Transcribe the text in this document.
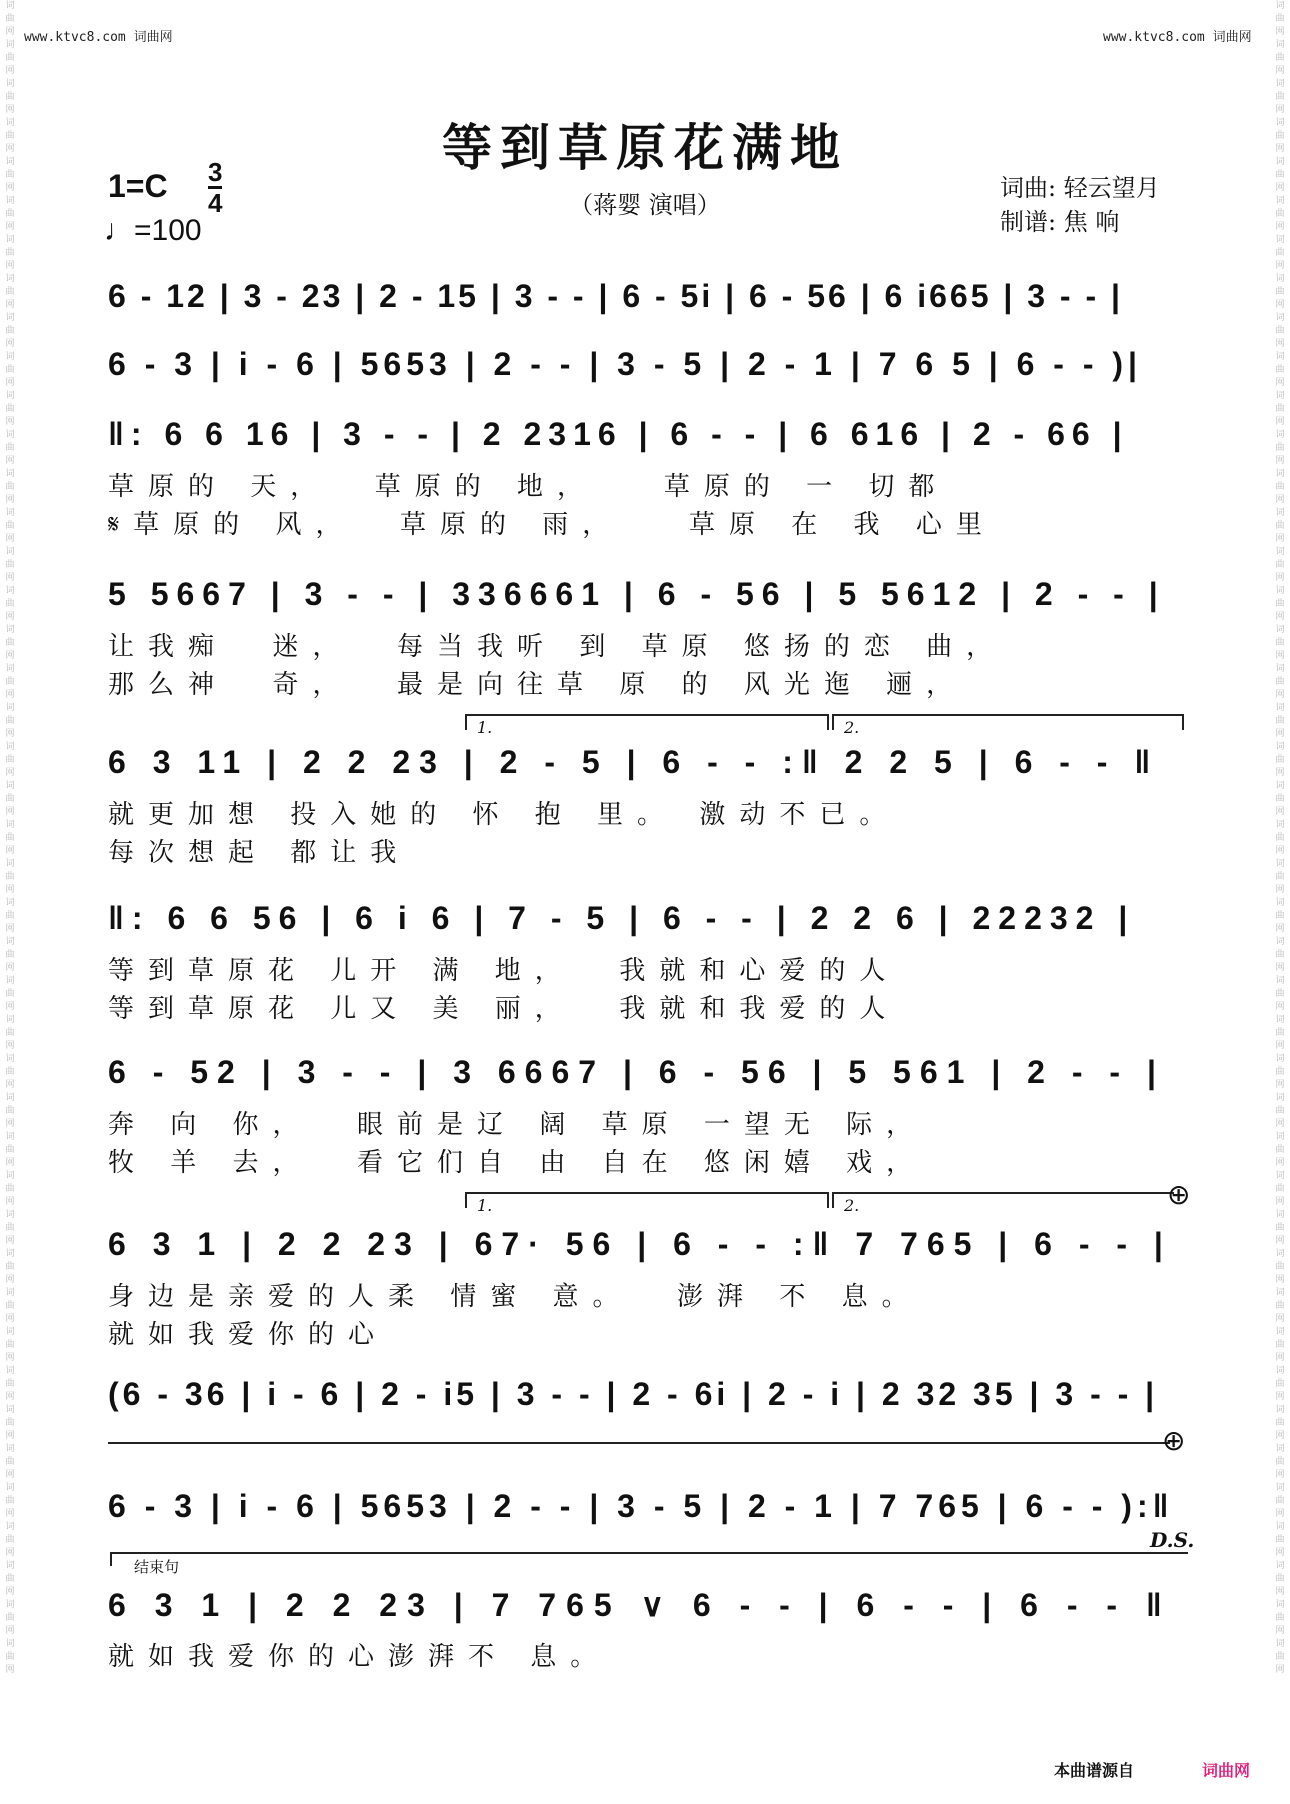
词曲网词曲网词曲网词曲网词曲网词曲网词曲网词曲网词曲网词曲网词曲网词曲网词曲网词曲网词曲网词曲网词曲网词曲网词曲网词曲网词曲网词曲网词曲网词曲网词曲网词曲网词曲网词曲网词曲网词曲网词曲网词曲网词曲网词曲网词曲网词曲网词曲网词曲网词曲网词曲网词曲网词曲网词曲网
词曲网词曲网词曲网词曲网词曲网词曲网词曲网词曲网词曲网词曲网词曲网词曲网词曲网词曲网词曲网词曲网词曲网词曲网词曲网词曲网词曲网词曲网词曲网词曲网词曲网词曲网词曲网词曲网词曲网词曲网词曲网词曲网词曲网词曲网词曲网词曲网词曲网词曲网词曲网词曲网词曲网词曲网词曲网
www.ktvc8.com 词曲网	www.ktvc8.com 词曲网
等到草原花满地
（蒋婴 演唱）
词曲: 轻云望月
制谱: 焦 响
1=C 3
4
♩=100
6 - 12 | 3 - 23 | 2 - 15 | 3 - - | 6 - 5i | 6 - 56 | 6 i665 | 3 - - |
6 - 3 | i - 6 | 5653 | 2 - - | 3 - 5 | 2 - 1 | 7 6 5 | 6 - - )|
‖: 6 6 16 | 3 - - | 2 2316 | 6 - - | 6 616 | 2 - 66 |
草原的 天，  草原的 地，   草原的 一 切都
𝄋草原的 风，  草原的 雨，   草原 在 我 心里
5 5667 | 3 - - | 336661 | 6 - 56 | 5 5612 | 2 - - |
让我痴  迷，  每当我听 到 草原 悠扬的恋 曲，
那么神  奇，  最是向往草 原 的 风光迤 逦，
6 3 11 | 2 2 23 | 2 - 5 | 6 - - :‖ 2 2 5 | 6 - - ‖
就更加想 投入她的 怀 抱 里。 激动不已。
每次想起 都让我
‖: 6 6 56 | 6 i 6 | 7 - 5 | 6 - - | 2 2 6 | 22232 |
等到草原花 儿开 满 地，  我就和心爱的人
等到草原花 儿又 美 丽，  我就和我爱的人
6 - 52 | 3 - - | 3 6667 | 6 - 56 | 5 561 | 2 - - |
奔 向 你，  眼前是辽 阔 草原 一望无 际，
牧 羊 去，  看它们自 由 自在 悠闲嬉 戏，
6 3 1 | 2 2 23 | 67· 56 | 6 - - :‖ 7 765 | 6 - - |
身边是亲爱的人柔 情蜜 意。  澎湃 不 息。
就如我爱你的心
(6 - 36 | i - 6 | 2 - i5 | 3 - - | 2 - 6i | 2 - i | 2 32 35 | 3 - - |
6 - 3 | i - 6 | 5653 | 2 - - | 3 - 5 | 2 - 1 | 7 765 | 6 - - ):‖
6 3 1 | 2 2 23 | 7 765 ∨ 6 - - | 6 - - | 6 - - ‖
就如我爱你的心澎湃不 息。
1.	2.
1.	2.	⊕
⊕
D.S.
结束句
本曲谱源自	词曲网
